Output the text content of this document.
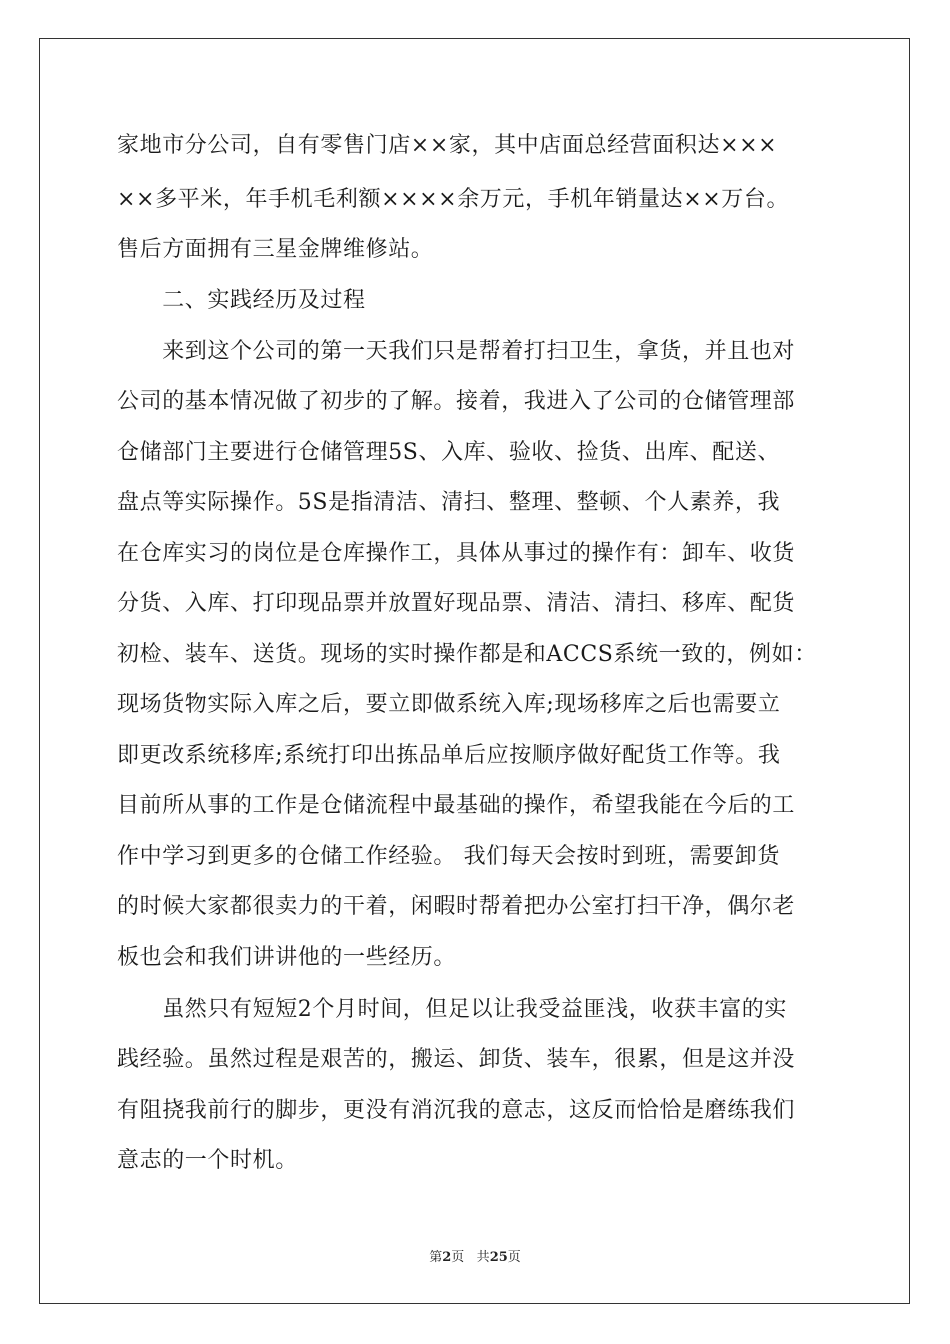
家地市分公司，自有零售门店××家，其中店面总经营面积达×××
××多平米，年手机毛利额××××余万元，手机年销量达××万台。
售后方面拥有三星金牌维修站。
　　二、实践经历及过程
　　来到这个公司的第一天我们只是帮着打扫卫生，拿货，并且也对
公司的基本情况做了初步的了解。接着，我进入了公司的仓储管理部
仓储部门主要进行仓储管理5S、入库、验收、捡货、出库、配送、
盘点等实际操作。5S是指清洁、清扫、整理、整顿、个人素养，我
在仓库实习的岗位是仓库操作工，具体从事过的操作有：卸车、收货
分货、入库、打印现品票并放置好现品票、清洁、清扫、移库、配货
初检、装车、送货。现场的实时操作都是和ACCS系统一致的，例如：
现场货物实际入库之后，要立即做系统入库;现场移库之后也需要立
即更改系统移库;系统打印出拣品单后应按顺序做好配货工作等。我
目前所从事的工作是仓储流程中最基础的操作，希望我能在今后的工
作中学习到更多的仓储工作经验。 我们每天会按时到班，需要卸货
的时候大家都很卖力的干着，闲暇时帮着把办公室打扫干净，偶尔老
板也会和我们讲讲他的一些经历。
　　虽然只有短短2个月时间，但足以让我受益匪浅，收获丰富的实
践经验。虽然过程是艰苦的，搬运、卸货、装车，很累，但是这并没
有阻挠我前行的脚步，更没有消沉我的意志，这反而恰恰是磨练我们
意志的一个时机。
第2页 共25页
